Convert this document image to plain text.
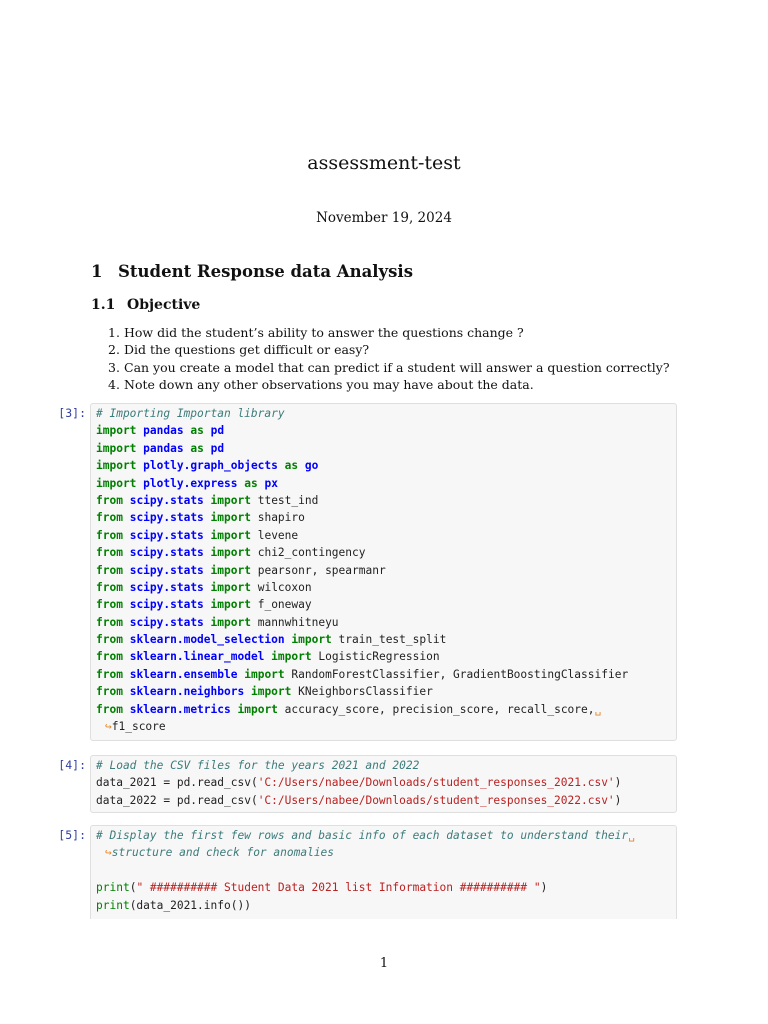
assessment-test

November 19, 2024

1 Student Response data Analysis
1.1 Objective
1. How did the student’s ability to answer the questions change ?
2. Did the questions get difficult or easy?
3. Can you create a model that can predict if a student will answer a question correctly?
4. Note down any other observations you may have about the data.
[3]: # Importing Importan library
import pandas as pd
import pandas as pd
import plotly.graph_objects as go
import plotly.express as px
from scipy.stats import ttest_ind
from scipy.stats import shapiro
from scipy.stats import levene
from scipy.stats import chi2_contingency
from scipy.stats import pearsonr, spearmanr
from scipy.stats import wilcoxon
from scipy.stats import f_oneway
from scipy.stats import mannwhitneyu
from sklearn.model_selection import train_test_split
from sklearn.linear_model import LogisticRegression
from sklearn.ensemble import RandomForestClassifier, GradientBoostingClassifier
from sklearn.neighbors import KNeighborsClassifier
from sklearn.metrics import accuracy_score, precision_score, recall_score,␣
↪f1_score
[4]: # Load the CSV files for the years 2021 and 2022
data_2021 = pd.read_csv('C:/Users/nabee/Downloads/student_responses_2021.csv')
data_2022 = pd.read_csv('C:/Users/nabee/Downloads/student_responses_2022.csv')
[5]: # Display the first few rows and basic info of each dataset to understand their␣
↪structure and check for anomalies
print(" ########## Student Data 2021 list Information ########## ")
print(data_2021.info())

1
